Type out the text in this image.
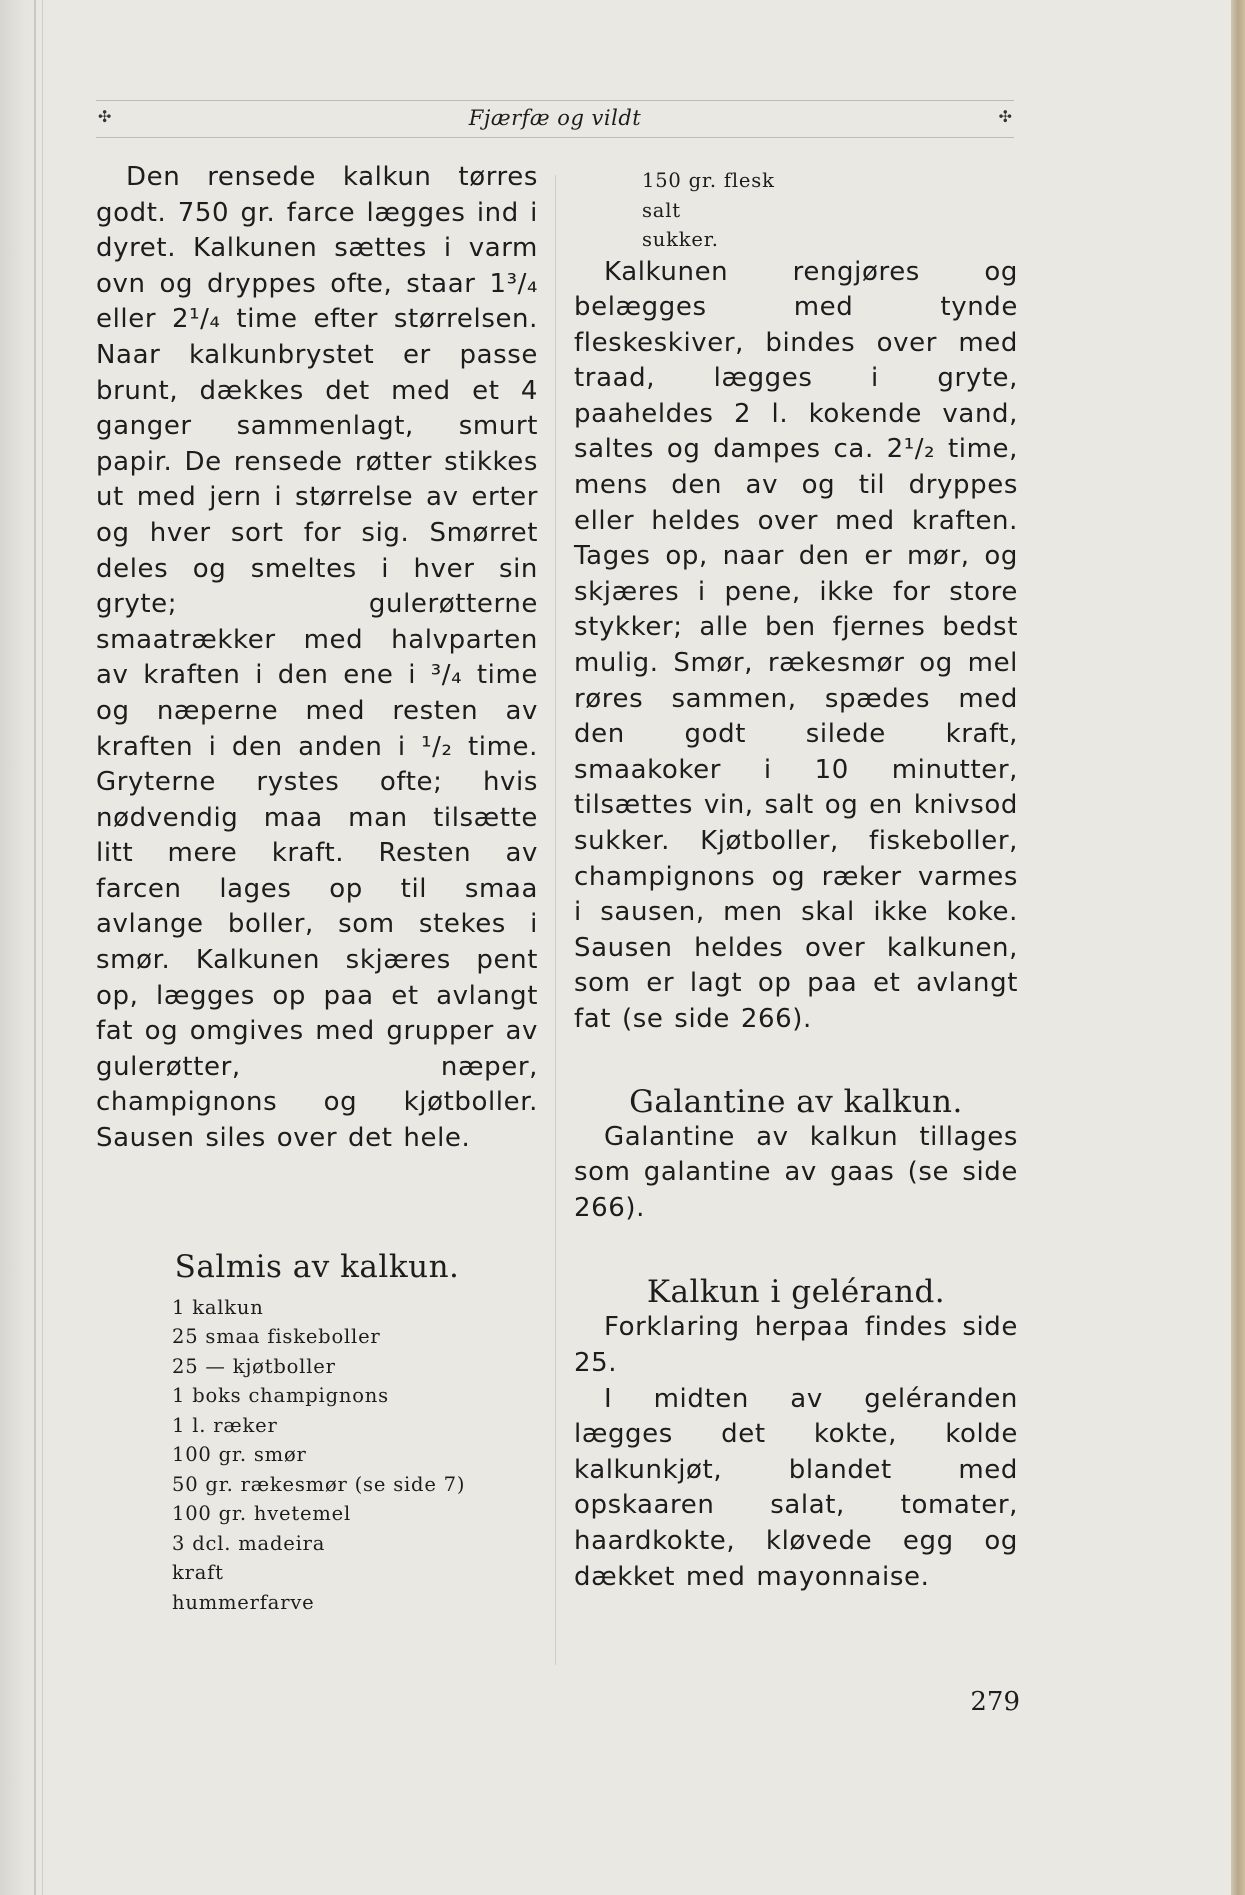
✣	Fjærfæ og vildt	✣

Den rensede kalkun tørres godt. 750 gr. farce lægges ind i dyret. Kalkunen sættes i varm ovn og dryppes ofte, staar 1³/₄ eller 2¹/₄ time efter størrelsen. Naar kalkunbrystet er passe brunt, dækkes det med et 4 ganger sammenlagt, smurt papir. De rensede røtter stikkes ut med jern i størrelse av erter og hver sort for sig. Smørret deles og smeltes i hver sin gryte; gulerøtterne smaatrækker med halvparten av kraften i den ene i ³/₄ time og næperne med resten av kraften i den anden i ¹/₂ time. Gryterne rystes ofte; hvis nødvendig maa man tilsætte litt mere kraft. Resten av farcen lages op til smaa avlange boller, som stekes i smør. Kalkunen skjæres pent op, lægges op paa et avlangt fat og omgives med grupper av gulerøtter, næper, champignons og kjøtboller. Sausen siles over det hele.

Salmis av kalkun.
1 kalkun
25 smaa fiskeboller
25 — kjøtboller
1 boks champignons
1 l. ræker
100 gr. smør
50 gr. rækesmør (se side 7)
100 gr. hvetemel
3 dcl. madeira
kraft
hummerfarve
150 gr. flesk
salt
sukker.

Kalkunen rengjøres og belægges med tynde fleskeskiver, bindes over med traad, lægges i gryte, paaheldes 2 l. kokende vand, saltes og dampes ca. 2¹/₂ time, mens den av og til dryppes eller heldes over med kraften. Tages op, naar den er mør, og skjæres i pene, ikke for store stykker; alle ben fjernes bedst mulig. Smør, rækesmør og mel røres sammen, spædes med den godt silede kraft, smaakoker i 10 minutter, tilsættes vin, salt og en knivsod sukker. Kjøtboller, fiskeboller, champignons og ræker varmes i sausen, men skal ikke koke. Sausen heldes over kalkunen, som er lagt op paa et avlangt fat (se side 266).

Galantine av kalkun.

Galantine av kalkun tillages som galantine av gaas (se side 266).

Kalkun i gelérand.

Forklaring herpaa findes side 25.

I midten av geléranden lægges det kokte, kolde kalkunkjøt, blandet med opskaaren salat, tomater, haardkokte, kløvede egg og dækket med mayonnaise.

279
